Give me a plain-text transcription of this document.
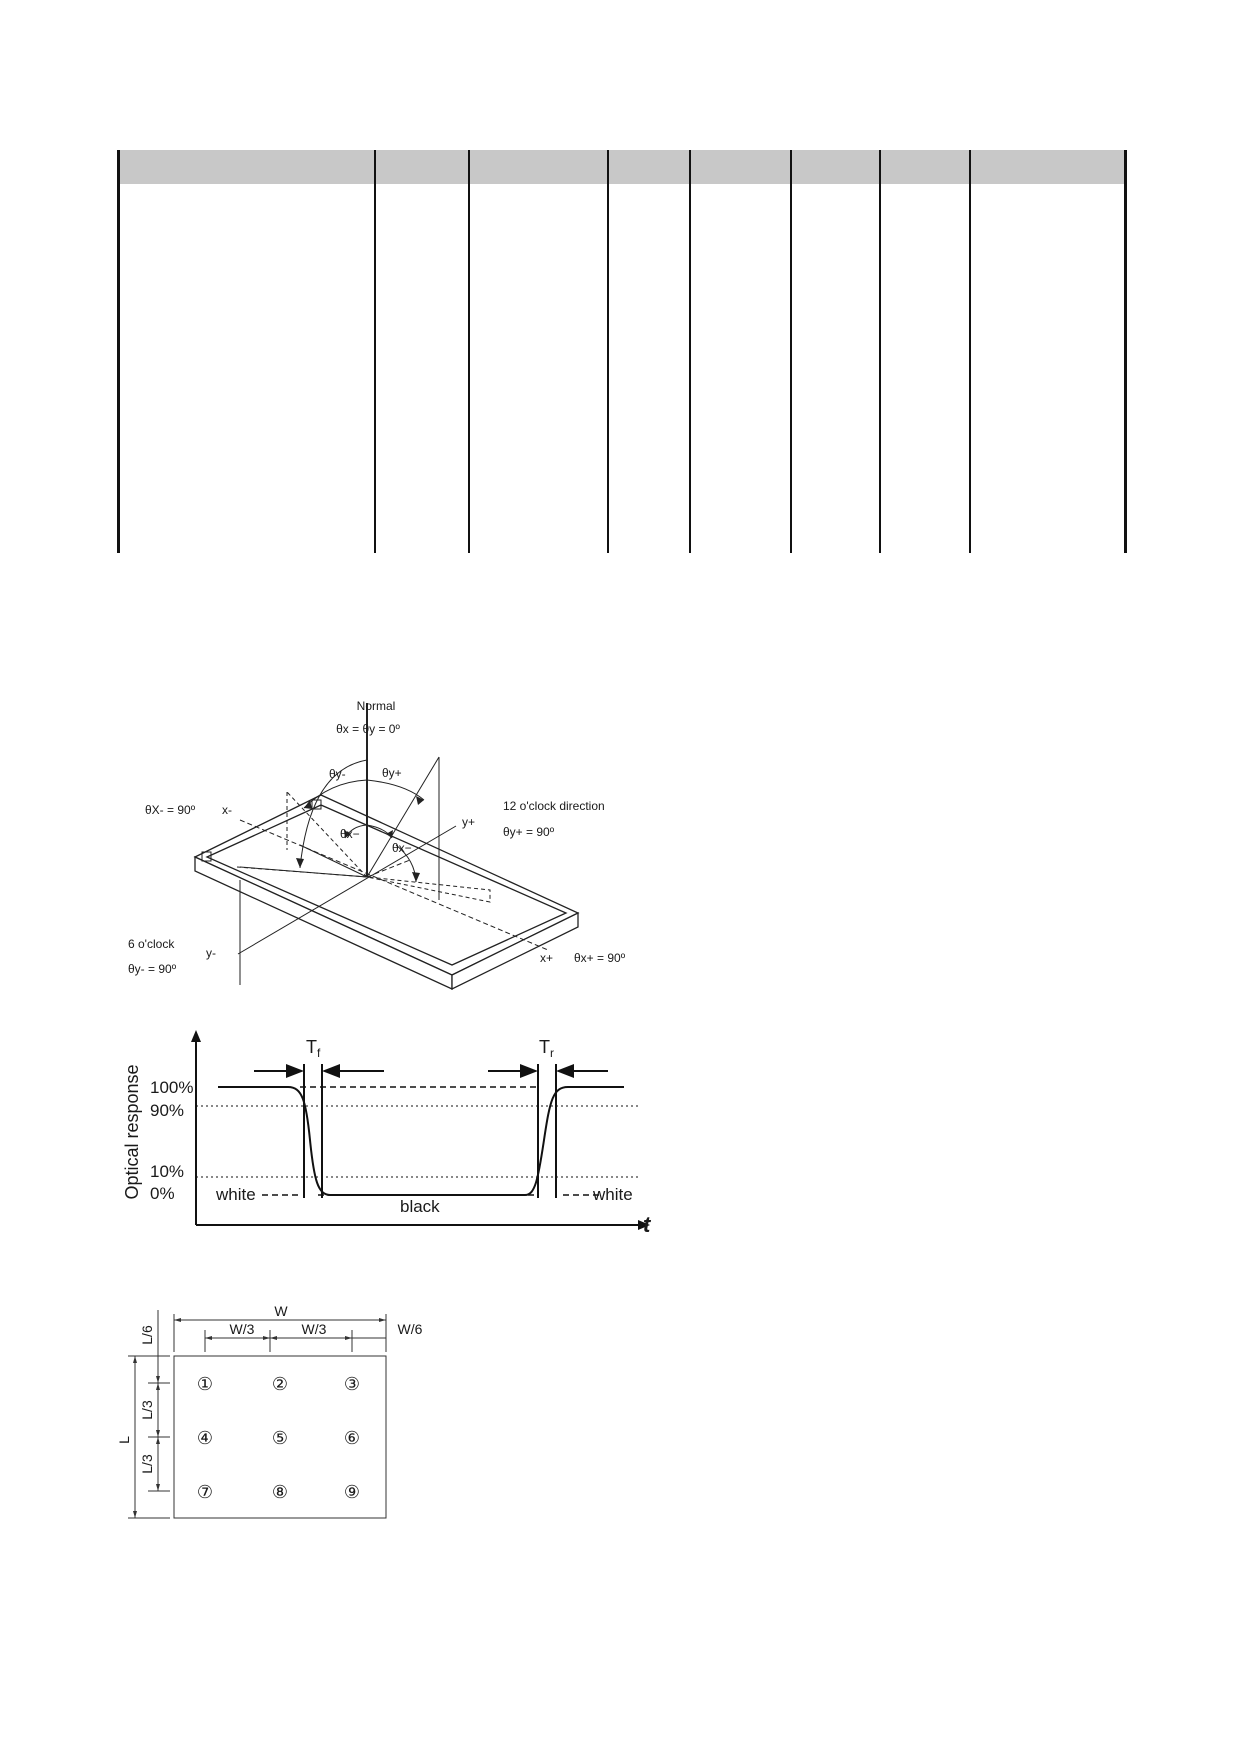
Normal
θx = θy = 0º
θy-	θy+
θX- = 90º x-
y+
12 o'clock direction
θy+ = 90º
θx−
θx−
6 o'clock
θy- = 90º
y-	x+ θx+ = 90º
$T_f$	$T_r$
Optical response 100%
90%
10%
0% white
black
white
t
W
W/3	W/3	W/6
L/6
L
L/3
L/3
①	②	③
④	⑤	⑥
⑦	⑧	⑨
